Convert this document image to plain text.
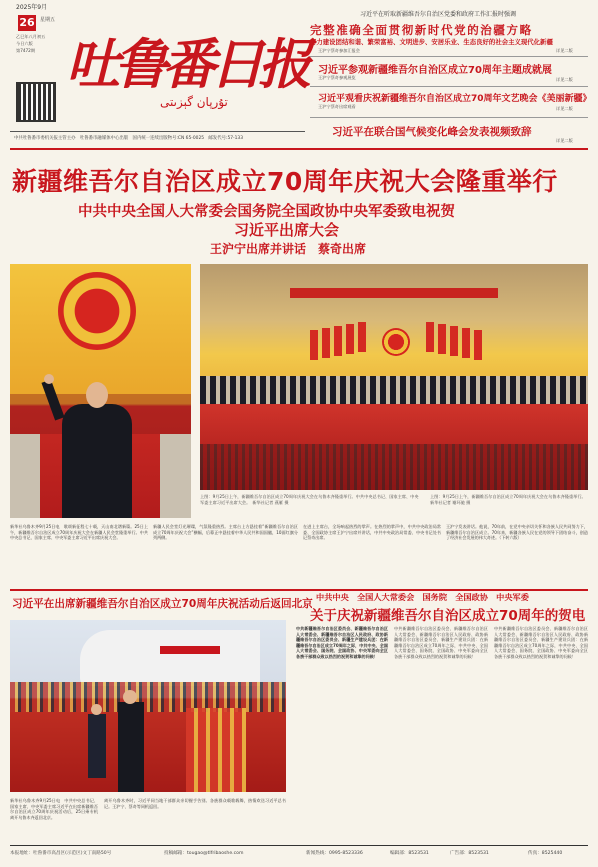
2025年9月
26 星期五
乙巳年八月初五
今日六版
第7472期 吐鲁番日报
تۇرپان گېزىتى
习近平在听取新疆维吾尔自治区党委和政府工作汇报时强调
完整准确全面贯彻新时代党的治疆方略
努力建设团结和谐、繁荣富裕、文明进步、安居乐业、生态良好的社会主义现代化新疆
王沪宁蔡奇参加汇报会	详见二版
习近平参观新疆维吾尔自治区成立70周年主题成就展
王沪宁蔡奇参观展览	详见二版
习近平观看庆祝新疆维吾尔自治区成立70周年文艺晚会《美丽新疆》
王沪宁蔡奇出席观看	详见二版
习近平在联合国气候变化峰会发表视频致辞
详见二版
中共吐鲁番市委机关报主管主办　吐鲁番市融媒体中心出版　国内统一连续出版物号:CN 65-0025　邮发代号:57-133
新疆维吾尔自治区成立70周年庆祝大会隆重举行
中共中央全国人大常委会国务院全国政协中央军委致电祝贺
习近平出席大会
王沪宁出席并讲话　蔡奇出席
上图：9月25日上午，新疆维吾尔自治区成立70周年庆祝大会在乌鲁木齐隆重举行。　新华社记者 谢环驰 摄
上图：9月25日上午，新疆维吾尔自治区成立70周年庆祝大会在乌鲁木齐隆重举行。中共中央总书记、国家主席、中央军委主席习近平出席大会。　新华社记者 燕雁 摄
新华社乌鲁木齐9月25日电　歌颂新征程七十载，天山南北谱新篇。25日上午，新疆维吾尔自治区成立70周年庆祝大会在新疆人民会堂隆重举行。中共中央总书记、国家主席、中央军委主席习近平出席庆祝大会。
新疆人民会堂灯光璀璨，气氛隆重热烈。主席台上方悬挂着“新疆维吾尔自治区成立70周年庆祝大会”横幅，后幕正中悬挂着中华人民共和国国徽，10面红旗分列两侧。
在进上主席台，全场响起热烈的掌声。在热烈的掌声中，中共中央政治局常委、全国政协主席王沪宁出席并讲话，中共中央政治局常委、中央书记处书记蔡奇出席。
王沪宁发表讲话。他说，70年前，在党中央亲切关怀和各族人民共同努力下，新疆维吾尔自治区成立。70年来，新疆各族人民在党的领导下团结奋斗，创造了经济社会发展的伟大奇迹。（下转六版）
习近平在出席新疆维吾尔自治区成立70周年庆祝活动后返回北京
新华社乌鲁木齐9月25日电　中共中央总书记、国家主席、中央军委主席习近平在出席新疆维吾尔自治区成立70周年庆祝活动后，25日乘专机离开乌鲁木齐返回北京。
离开乌鲁木齐时，习近平同当地干部群众亲切握手告别。各族群众载歌载舞，热情欢送习近平总书记。王沪宁、蔡奇等同机返回。
中共中央　全国人大常委会　国务院　全国政协　中央军委
关于庆祝新疆维吾尔自治区成立70周年的贺电
中共新疆维吾尔自治区委员会、新疆维吾尔自治区人大常委会、新疆维吾尔自治区人民政府、政协新疆维吾尔自治区委员会、新疆生产建设兵团：在新疆维吾尔自治区成立70周年之际，中共中央、全国人大常委会、国务院、全国政协、中央军委向全区各族干部群众致以热烈的祝贺和诚挚的问候！
中共新疆维吾尔自治区委员会、新疆维吾尔自治区人大常委会、新疆维吾尔自治区人民政府、政协新疆维吾尔自治区委员会、新疆生产建设兵团：在新疆维吾尔自治区成立70周年之际，中共中央、全国人大常委会、国务院、全国政协、中央军委向全区各族干部群众致以热烈的祝贺和诚挚的问候！
中共新疆维吾尔自治区委员会、新疆维吾尔自治区人大常委会、新疆维吾尔自治区人民政府、政协新疆维吾尔自治区委员会、新疆生产建设兵团：在新疆维吾尔自治区成立70周年之际，中共中央、全国人大常委会、国务院、全国政协、中央军委向全区各族干部群众致以热烈的祝贺和诚挚的问候！
本报地址：吐鲁番市高昌区(示范区)文丁南路50号	投稿邮箱：tougao@tlfribaoshe.com	新闻热线：0995-8523336	编辑部：8523531	广告部：8523531	传真：8525440
